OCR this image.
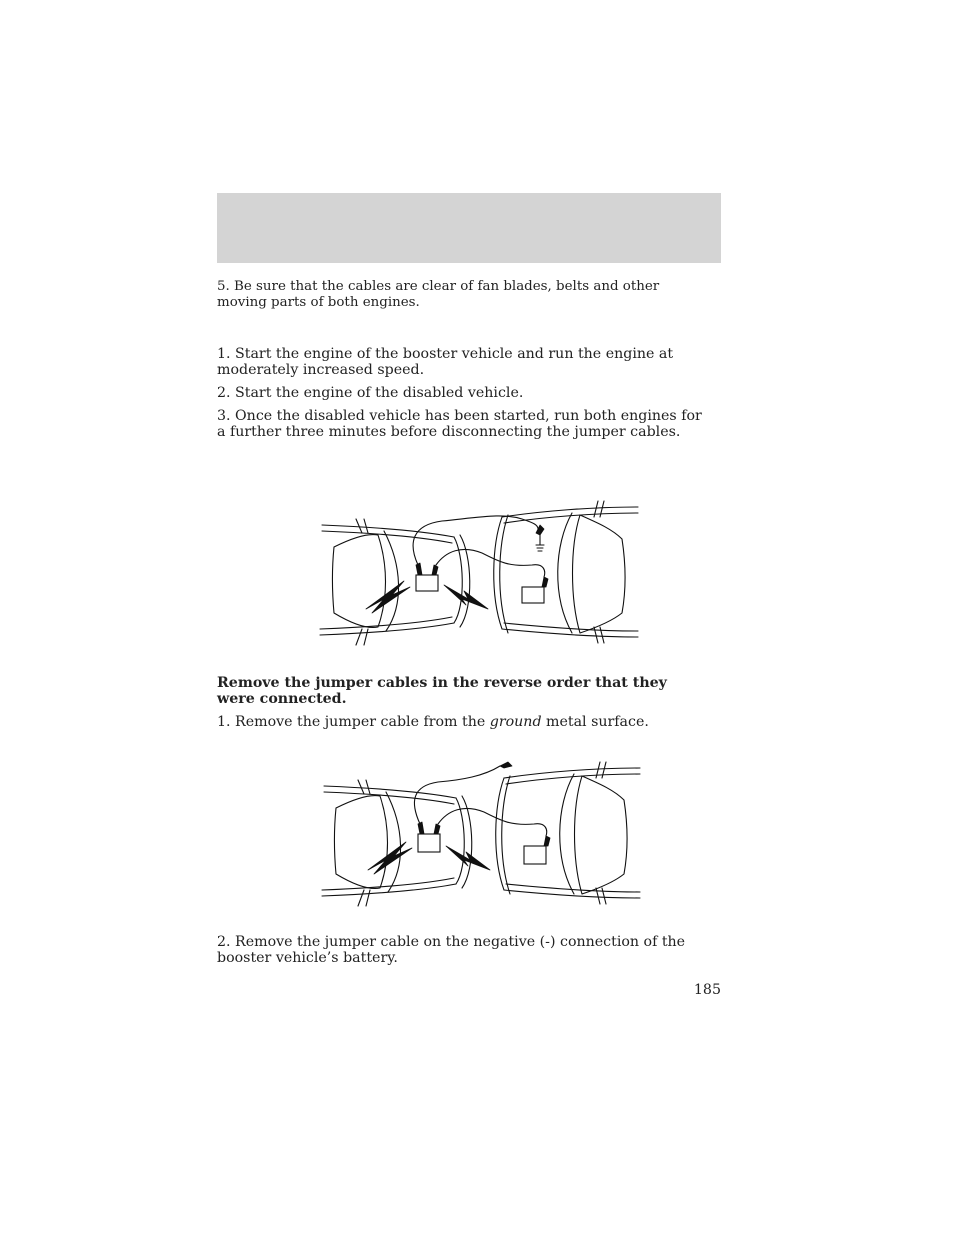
5. Be sure that the cables are clear of fan blades, belts and other moving parts of both engines.

1. Start the engine of the booster vehicle and run the engine at moderately increased speed.

2. Start the engine of the disabled vehicle.

3. Once the disabled vehicle has been started, run both engines for a further three minutes before disconnecting the jumper cables.

Remove the jumper cables in the reverse order that they were connected.

1. Remove the jumper cable from the ground metal surface.

2. Remove the jumper cable on the negative (-) connection of the booster vehicle’s battery.

185
